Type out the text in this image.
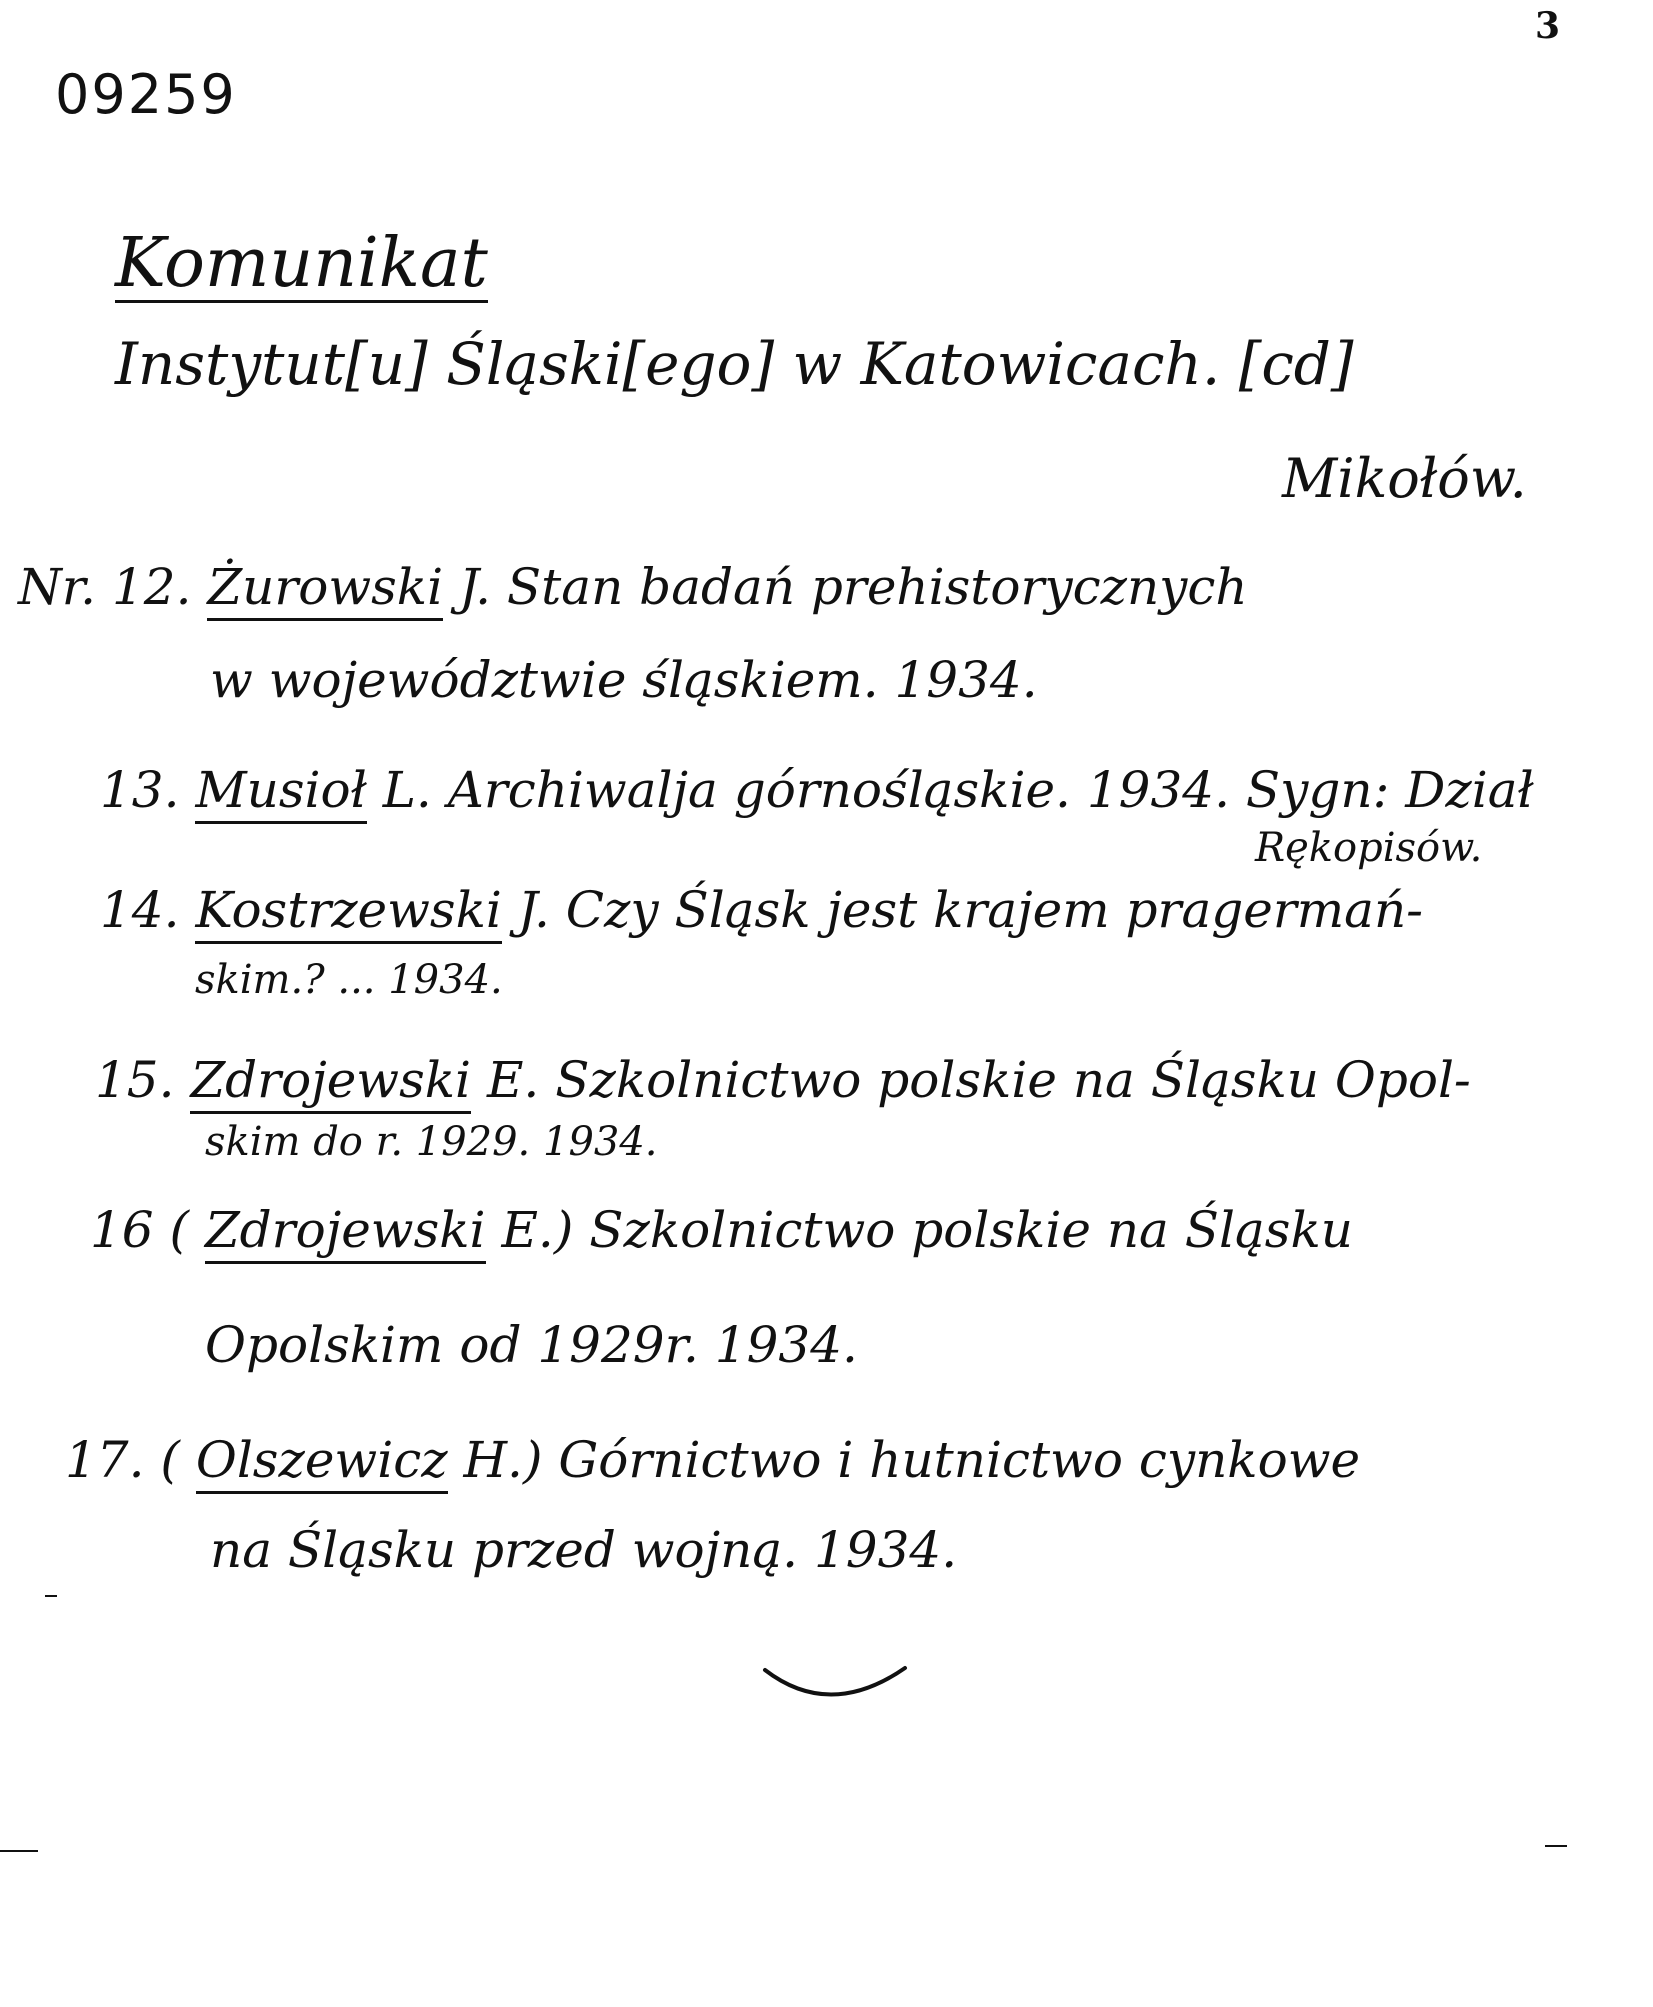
09259
3
Komunikat
Instytut[u] Śląski[ego] w Katowicach. [cd]
Mikołów.
Nr. 12. Żurowski J. Stan badań prehistorycznych
w województwie śląskiem. 1934.
13. Musioł L. Archiwalja górnośląskie. 1934. Sygn: Dział
Rękopisów.
14. Kostrzewski J. Czy Śląsk jest krajem pragermań-
skim.? ... 1934.
15. Zdrojewski E. Szkolnictwo polskie na Śląsku Opol-
skim do r. 1929. 1934.
16 ( Zdrojewski E.) Szkolnictwo polskie na Śląsku
Opolskim od 1929r. 1934.
17. ( Olszewicz H.) Górnictwo i hutnictwo cynkowe
na Śląsku przed wojną. 1934.
